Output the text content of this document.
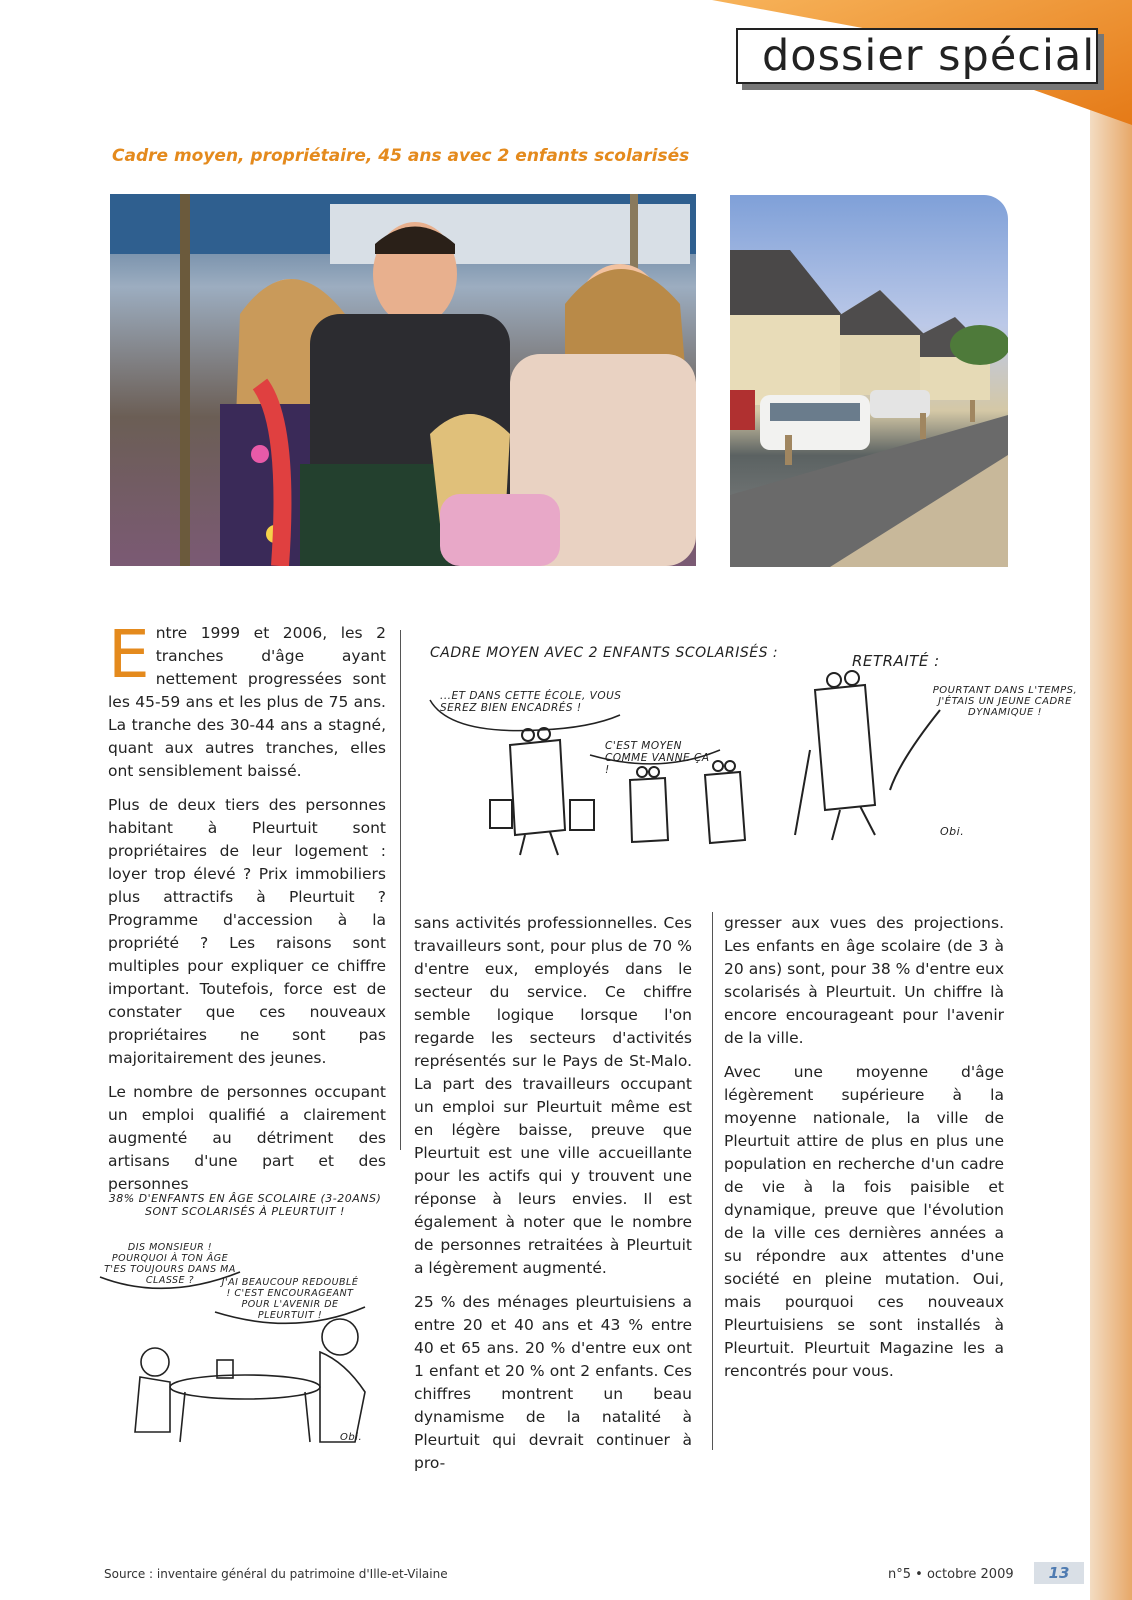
dossier spécial
Cadre moyen, propriétaire, 45 ans avec 2 enfants scolarisés

Entre 1999 et 2006, les 2 tranches d'âge ayant nettement progressées sont les 45-59 ans et les plus de 75 ans. La tranche des 30-44 ans a stagné, quant aux autres tranches, elles ont sensiblement baissé.

Plus de deux tiers des personnes habitant à Pleurtuit sont propriétaires de leur logement : loyer trop élevé ? Prix immobiliers plus attractifs à Pleurtuit ? Programme d'accession à la propriété ? Les raisons sont multiples pour expliquer ce chiffre important. Toutefois, force est de constater que ces nouveaux propriétaires ne sont pas majoritairement des jeunes.

Le nombre de personnes occupant un emploi qualifié a clairement augmenté au détriment des artisans d'une part et des personnes

CADRE MOYEN AVEC 2 ENFANTS SCOLARISÉS :
...ET DANS CETTE ÉCOLE, VOUS SEREZ BIEN ENCADRÉS !
C'EST MOYEN COMME VANNE ÇA !
RETRAITÉ :
POURTANT DANS L'TEMPS, J'ÉTAIS UN JEUNE CADRE DYNAMIQUE !
Obi.

sans activités professionnelles. Ces travailleurs sont, pour plus de 70 % d'entre eux, employés dans le secteur du service. Ce chiffre semble logique lorsque l'on regarde les secteurs d'activités représentés sur le Pays de St-Malo. La part des travailleurs occupant un emploi sur Pleurtuit même est en légère baisse, preuve que Pleurtuit est une ville accueillante pour les actifs qui y trouvent une réponse à leurs envies. Il est également à noter que le nombre de personnes retraitées à Pleurtuit a légèrement augmenté.

25 % des ménages pleurtuisiens a entre 20 et 40 ans et 43 % entre 40 et 65 ans. 20 % d'entre eux ont 1 enfant et 20 % ont 2 enfants. Ces chiffres montrent un beau dynamisme de la natalité à Pleurtuit qui devrait continuer à pro-

gresser aux vues des projections. Les enfants en âge scolaire (de 3 à 20 ans) sont, pour 38 % d'entre eux scolarisés à Pleurtuit. Un chiffre là encore encourageant pour l'avenir de la ville.

Avec une moyenne d'âge légèrement supérieure à la moyenne nationale, la ville de Pleurtuit attire de plus en plus une population en recherche d'un cadre de vie à la fois paisible et dynamique, preuve que l'évolution de la ville ces dernières années a su répondre aux attentes d'une société en pleine mutation. Oui, mais pourquoi ces nouveaux Pleurtuisiens se sont installés à Pleurtuit. Pleurtuit Magazine les a rencontrés pour vous.

38% D'ENFANTS EN ÂGE SCOLAIRE (3-20ANS) SONT SCOLARISÉS À PLEURTUIT !
DIS MONSIEUR ! POURQUOI À TON ÂGE T'ES TOUJOURS DANS MA CLASSE ?	J'AI BEAUCOUP REDOUBLÉ ! C'EST ENCOURAGEANT POUR L'AVENIR DE PLEURTUIT !
Obi.
Source : inventaire général du patrimoine d'Ille-et-Vilaine	n°5 • octobre 2009	13
